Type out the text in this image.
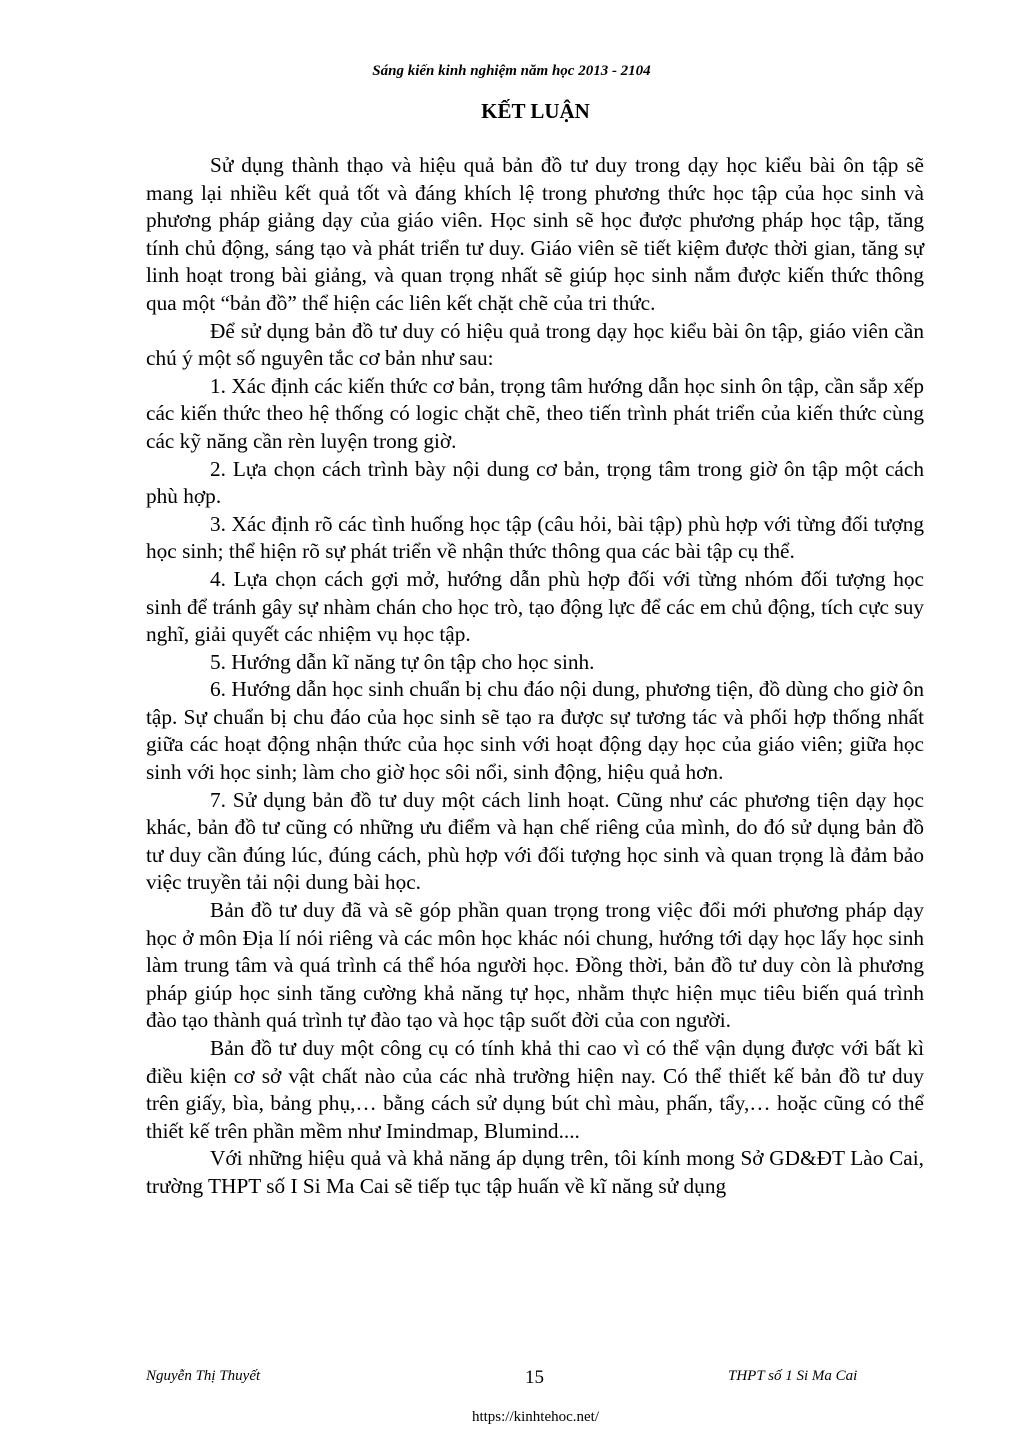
Sáng kiến kinh nghiệm năm học 2013 - 2104
KẾT LUẬN

Sử dụng thành thạo và hiệu quả bản đồ tư duy trong dạy học kiểu bài ôn tập sẽ mang lại nhiều kết quả tốt và đáng khích lệ trong phương thức học tập của học sinh và phương pháp giảng dạy của giáo viên. Học sinh sẽ học được phương pháp học tập, tăng tính chủ động, sáng tạo và phát triển tư duy. Giáo viên sẽ tiết kiệm được thời gian, tăng sự linh hoạt trong bài giảng, và quan trọng nhất sẽ giúp học sinh nắm được kiến thức thông qua một “bản đồ” thể hiện các liên kết chặt chẽ của tri thức.

Để sử dụng bản đồ tư duy có hiệu quả trong dạy học kiểu bài ôn tập, giáo viên cần chú ý một số nguyên tắc cơ bản như sau:

1. Xác định các kiến thức cơ bản, trọng tâm hướng dẫn học sinh ôn tập, cần sắp xếp các kiến thức theo hệ thống có logic chặt chẽ, theo tiến trình phát triển của kiến thức cùng các kỹ năng cần rèn luyện trong giờ.

2. Lựa chọn cách trình bày nội dung cơ bản, trọng tâm trong giờ ôn tập một cách phù hợp.

3. Xác định rõ các tình huống học tập (câu hỏi, bài tập) phù hợp với từng đối tượng học sinh; thể hiện rõ sự phát triển về nhận thức thông qua các bài tập cụ thể.

4. Lựa chọn cách gợi mở, hướng dẫn phù hợp đối với từng nhóm đối tượng học sinh để tránh gây sự nhàm chán cho học trò, tạo động lực để các em chủ động, tích cực suy nghĩ, giải quyết các nhiệm vụ học tập.

5. Hướng dẫn kĩ năng tự ôn tập cho học sinh.

6. Hướng dẫn học sinh chuẩn bị chu đáo nội dung, phương tiện, đồ dùng cho giờ ôn tập. Sự chuẩn bị chu đáo của học sinh sẽ tạo ra được sự tương tác và phối hợp thống nhất giữa các hoạt động nhận thức của học sinh với hoạt động dạy học của giáo viên; giữa học sinh với học sinh; làm cho giờ học sôi nổi, sinh động, hiệu quả hơn.

7. Sử dụng bản đồ tư duy một cách linh hoạt. Cũng như các phương tiện dạy học khác, bản đồ tư cũng có những ưu điểm và hạn chế riêng của mình, do đó sử dụng bản đồ tư duy cần đúng lúc, đúng cách, phù hợp với đối tượng học sinh và quan trọng là đảm bảo việc truyền tải nội dung bài học.

Bản đồ tư duy đã và sẽ góp phần quan trọng trong việc đổi mới phương pháp dạy học ở môn Địa lí nói riêng và các môn học khác nói chung, hướng tới dạy học lấy học sinh làm trung tâm và quá trình cá thể hóa người học. Đồng thời, bản đồ tư duy còn là phương pháp giúp học sinh tăng cường khả năng tự học, nhằm thực hiện mục tiêu biến quá trình đào tạo thành quá trình tự đào tạo và học tập suốt đời của con người.

Bản đồ tư duy một công cụ có tính khả thi cao vì có thể vận dụng được với bất kì điều kiện cơ sở vật chất nào của các nhà trường hiện nay. Có thể thiết kế bản đồ tư duy trên giấy, bìa, bảng phụ,… bằng cách sử dụng bút chì màu, phấn, tẩy,… hoặc cũng có thể thiết kế trên phần mềm như Imindmap, Blumind....

Với những hiệu quả và khả năng áp dụng trên, tôi kính mong Sở GD&ĐT Lào Cai, trường THPT số I Si Ma Cai sẽ tiếp tục tập huấn về kĩ năng sử dụng

Nguyễn Thị Thuyết	15	THPT số 1 Si Ma Cai
https://kinhtehoc.net/
